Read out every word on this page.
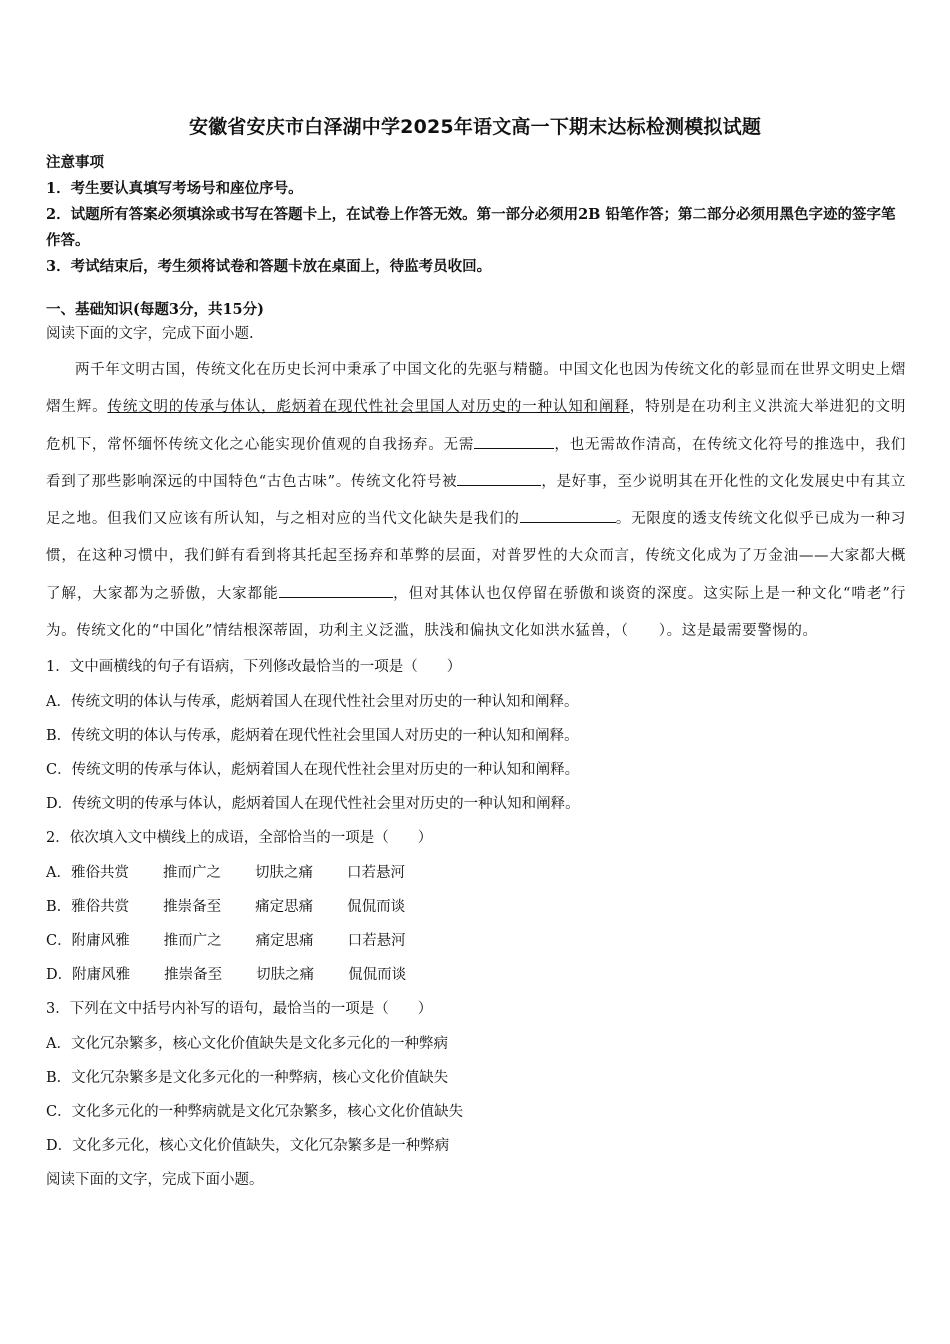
安徽省安庆市白泽湖中学2025年语文高一下期末达标检测模拟试题

注意事项

1．考生要认真填写考场号和座位序号。

2．试题所有答案必须填涂或书写在答题卡上，在试卷上作答无效。第一部分必须用2B 铅笔作答；第二部分必须用黑色字迹的签字笔作答。

3．考试结束后，考生须将试卷和答题卡放在桌面上，待监考员收回。

一、基础知识(每题3分，共15分)

阅读下面的文字，完成下面小题.

两千年文明古国，传统文化在历史长河中秉承了中国文化的先驱与精髓。中国文化也因为传统文化的彰显而在世界文明史上熠熠生辉。传统文明的传承与体认，彪炳着在现代性社会里国人对历史的一种认知和阐释，特别是在功利主义洪流大举进犯的文明危机下，常怀缅怀传统文化之心能实现价值观的自我扬弃。无需	，也无需故作清高，在传统文化符号的推选中，我们看到了那些影响深远的中国特色“古色古味”。传统文化符号被	，是好事，至少说明其在开化性的文化发展史中有其立足之地。但我们又应该有所认知，与之相对应的当代文化缺失是我们的	。无限度的透支传统文化似乎已成为一种习惯，在这种习惯中，我们鲜有看到将其托起至扬弃和革弊的层面，对普罗性的大众而言，传统文化成为了万金油——大家都大概了解，大家都为之骄傲，大家都能	，但对其体认也仅停留在骄傲和谈资的深度。这实际上是一种文化“啃老”行为。传统文化的“中国化”情结根深蒂固，功利主义泛滥，肤浅和偏执文化如洪水猛兽，（　　）。这是最需要警惕的。

1．文中画横线的句子有语病，下列修改最恰当的一项是（　　）

A．传统文明的体认与传承，彪炳着国人在现代性社会里对历史的一种认知和阐释。

B．传统文明的体认与传承，彪炳着在现代性社会里国人对历史的一种认知和阐释。

C．传统文明的传承与体认，彪炳着国人在现代性社会里对历史的一种认知和阐释。

D．传统文明的传承与体认，彪炳着国人在现代性社会里对历史的一种认知和阐释。

2．依次填入文中横线上的成语，全部恰当的一项是（　　）

A．雅俗共赏 推而广之 切肤之痛 口若悬河

B．雅俗共赏 推崇备至 痛定思痛 侃侃而谈

C．附庸风雅 推而广之 痛定思痛 口若悬河

D．附庸风雅 推崇备至 切肤之痛 侃侃而谈

3．下列在文中括号内补写的语句，最恰当的一项是（　　）

A．文化冗杂繁多，核心文化价值缺失是文化多元化的一种弊病

B．文化冗杂繁多是文化多元化的一种弊病，核心文化价值缺失

C．文化多元化的一种弊病就是文化冗杂繁多，核心文化价值缺失

D．文化多元化，核心文化价值缺失，文化冗杂繁多是一种弊病

阅读下面的文字，完成下面小题。
